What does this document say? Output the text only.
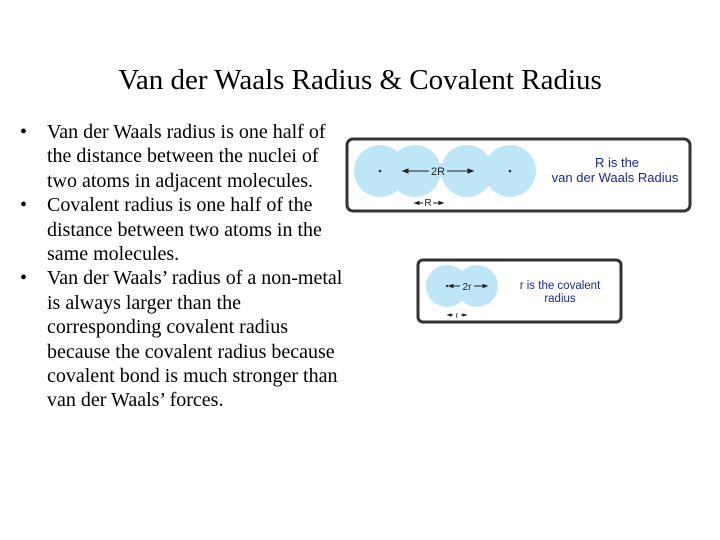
Van der Waals Radius & Covalent Radius
• Van der Waals radius is one half of the distance between the nuclei of two atoms in adjacent molecules.
• Covalent radius is one half of the distance between two atoms in the same molecules.
• Van der Waals’ radius of a non-metal is always larger than the corresponding covalent radius because the covalent radius because covalent bond is much stronger than van der Waals’ forces.
2R
R
R is the
van der Waals Radius
2r
r
r is the covalent
radius
